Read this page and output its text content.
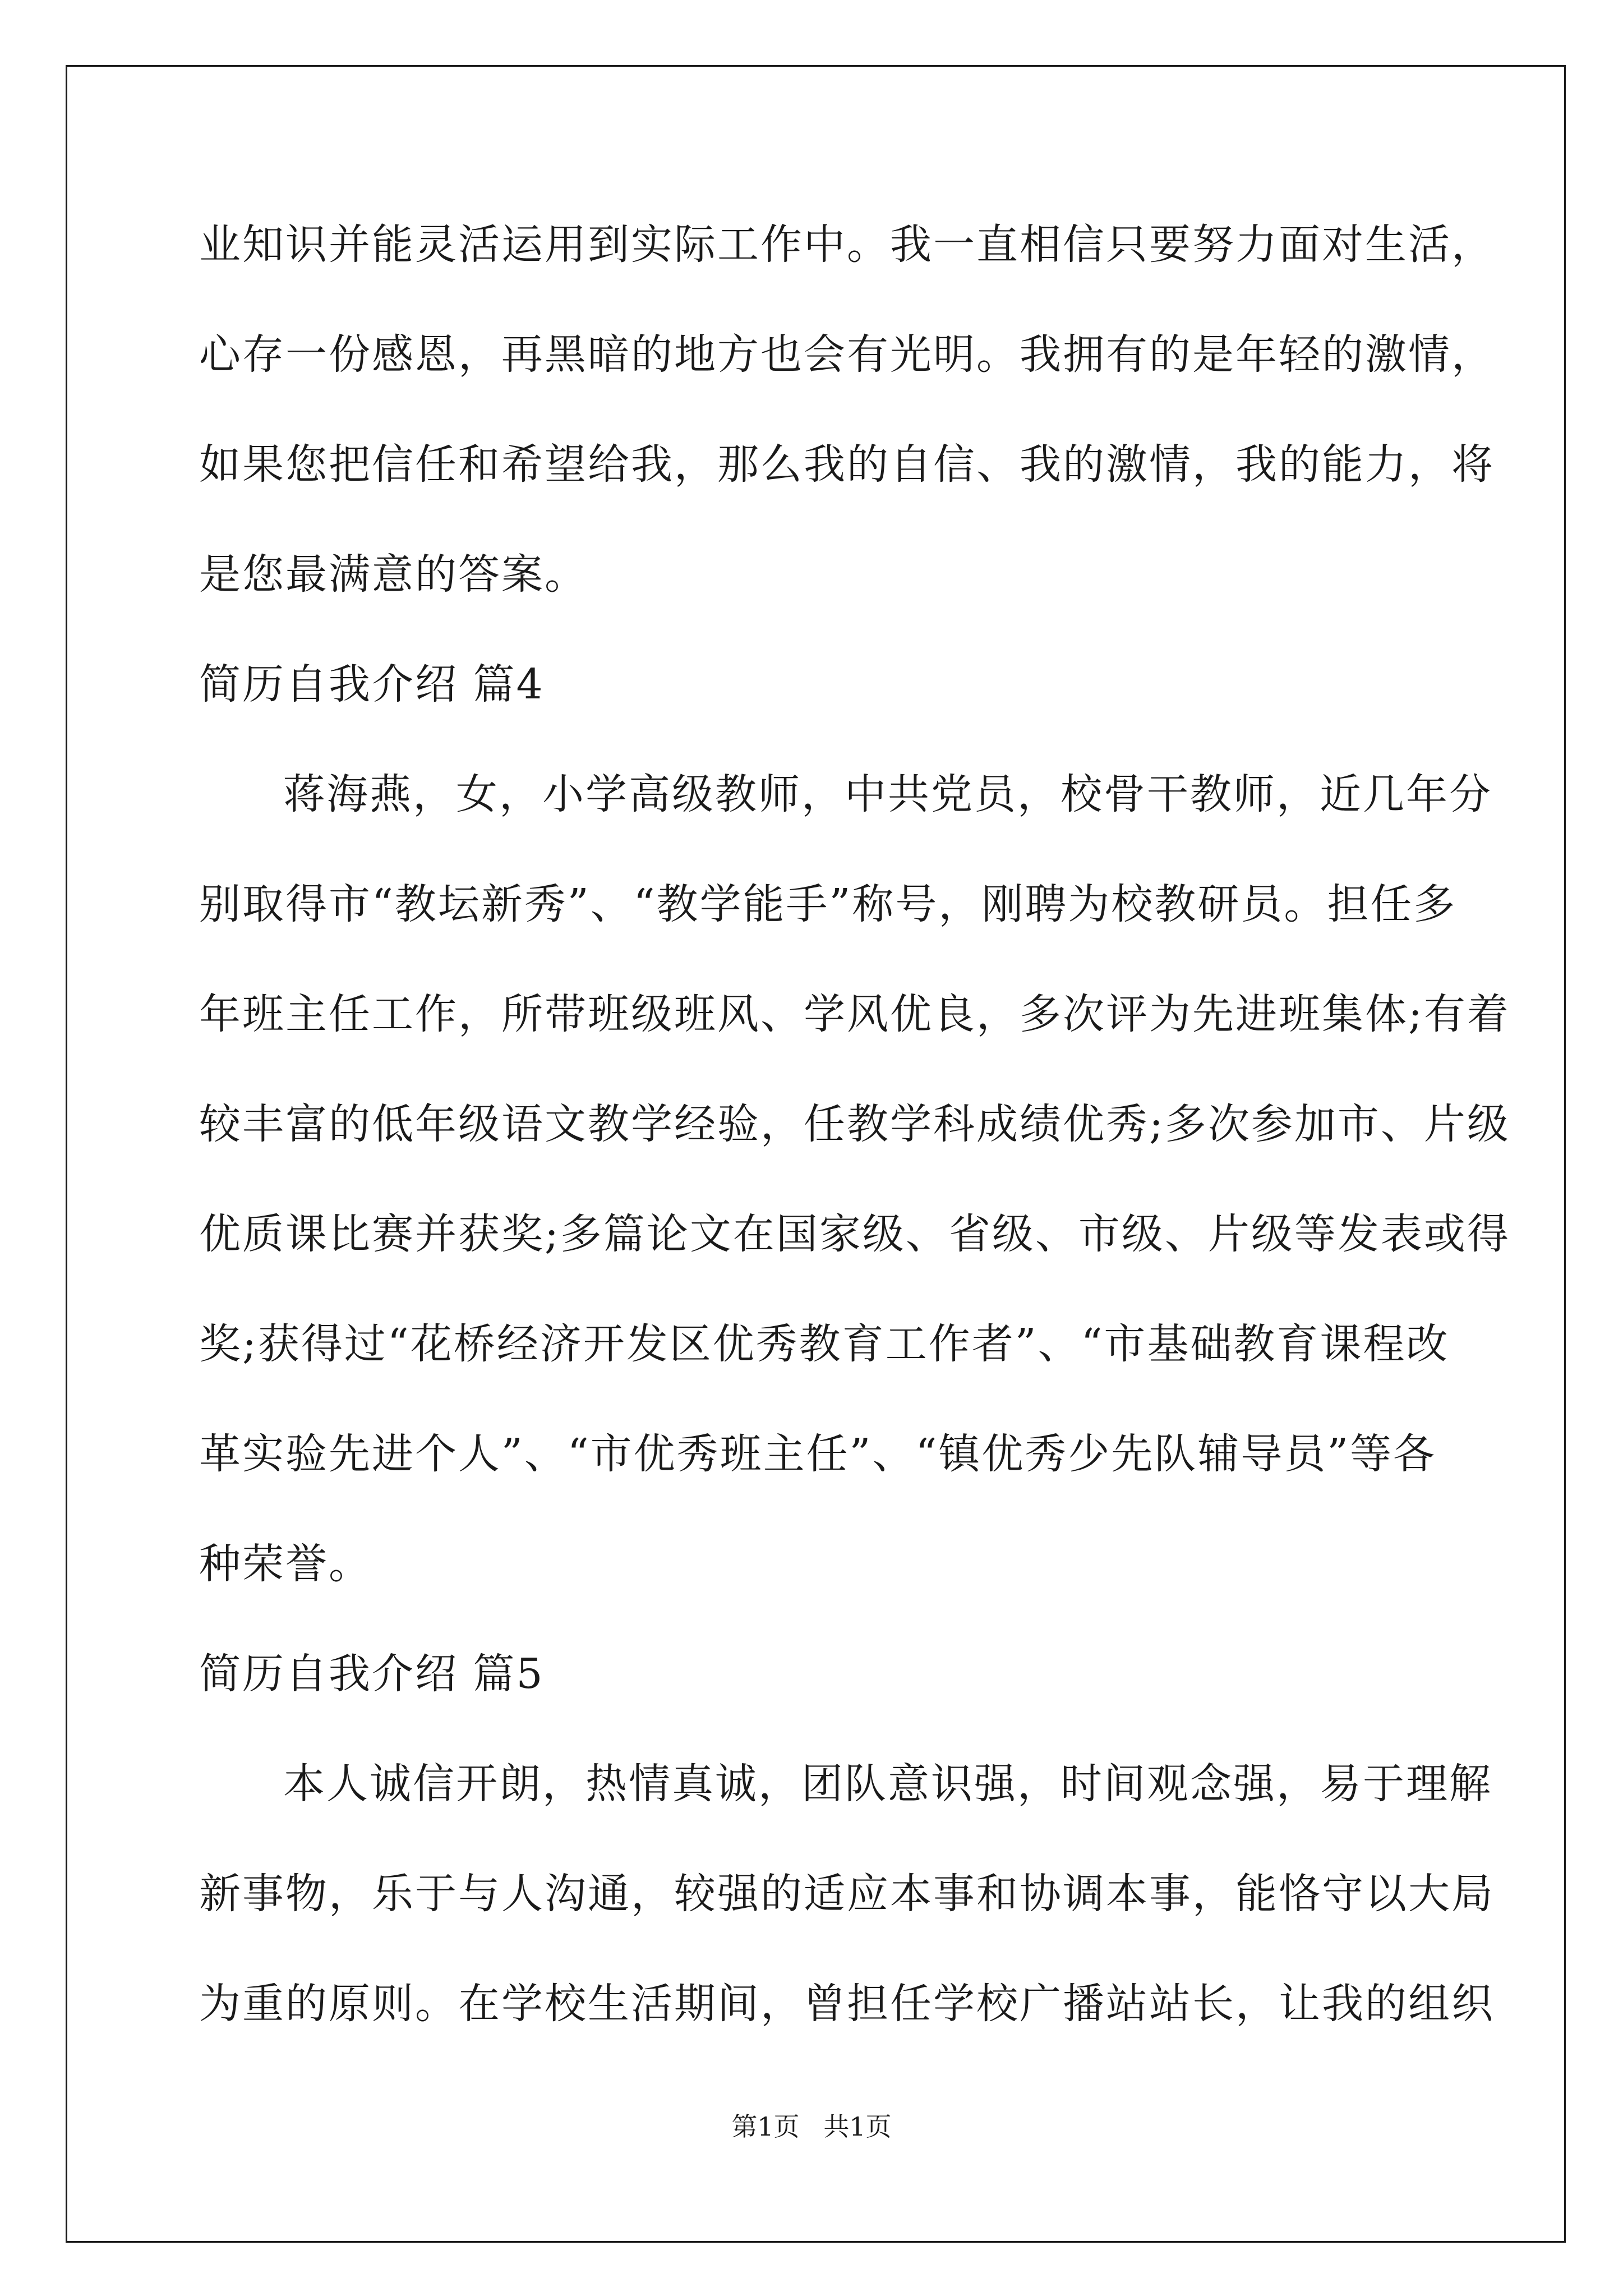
业知识并能灵活运用到实际工作中。我一直相信只要努力面对生活，
心存一份感恩，再黑暗的地方也会有光明。我拥有的是年轻的激情，
如果您把信任和希望给我，那么我的自信、我的激情，我的能力，将
是您最满意的答案。
简历自我介绍 篇4
蒋海燕，女，小学高级教师，中共党员，校骨干教师，近几年分
别取得市“教坛新秀”、“教学能手”称号，刚聘为校教研员。担任多
年班主任工作，所带班级班风、学风优良，多次评为先进班集体;有着
较丰富的低年级语文教学经验，任教学科成绩优秀;多次参加市、片级
优质课比赛并获奖;多篇论文在国家级、省级、市级、片级等发表或得
奖;获得过“花桥经济开发区优秀教育工作者”、“市基础教育课程改
革实验先进个人”、“市优秀班主任”、“镇优秀少先队辅导员”等各
种荣誉。
简历自我介绍 篇5
本人诚信开朗，热情真诚，团队意识强，时间观念强，易于理解
新事物，乐于与人沟通，较强的适应本事和协调本事，能恪守以大局
为重的原则。在学校生活期间，曾担任学校广播站站长，让我的组织
第1页 共1页
